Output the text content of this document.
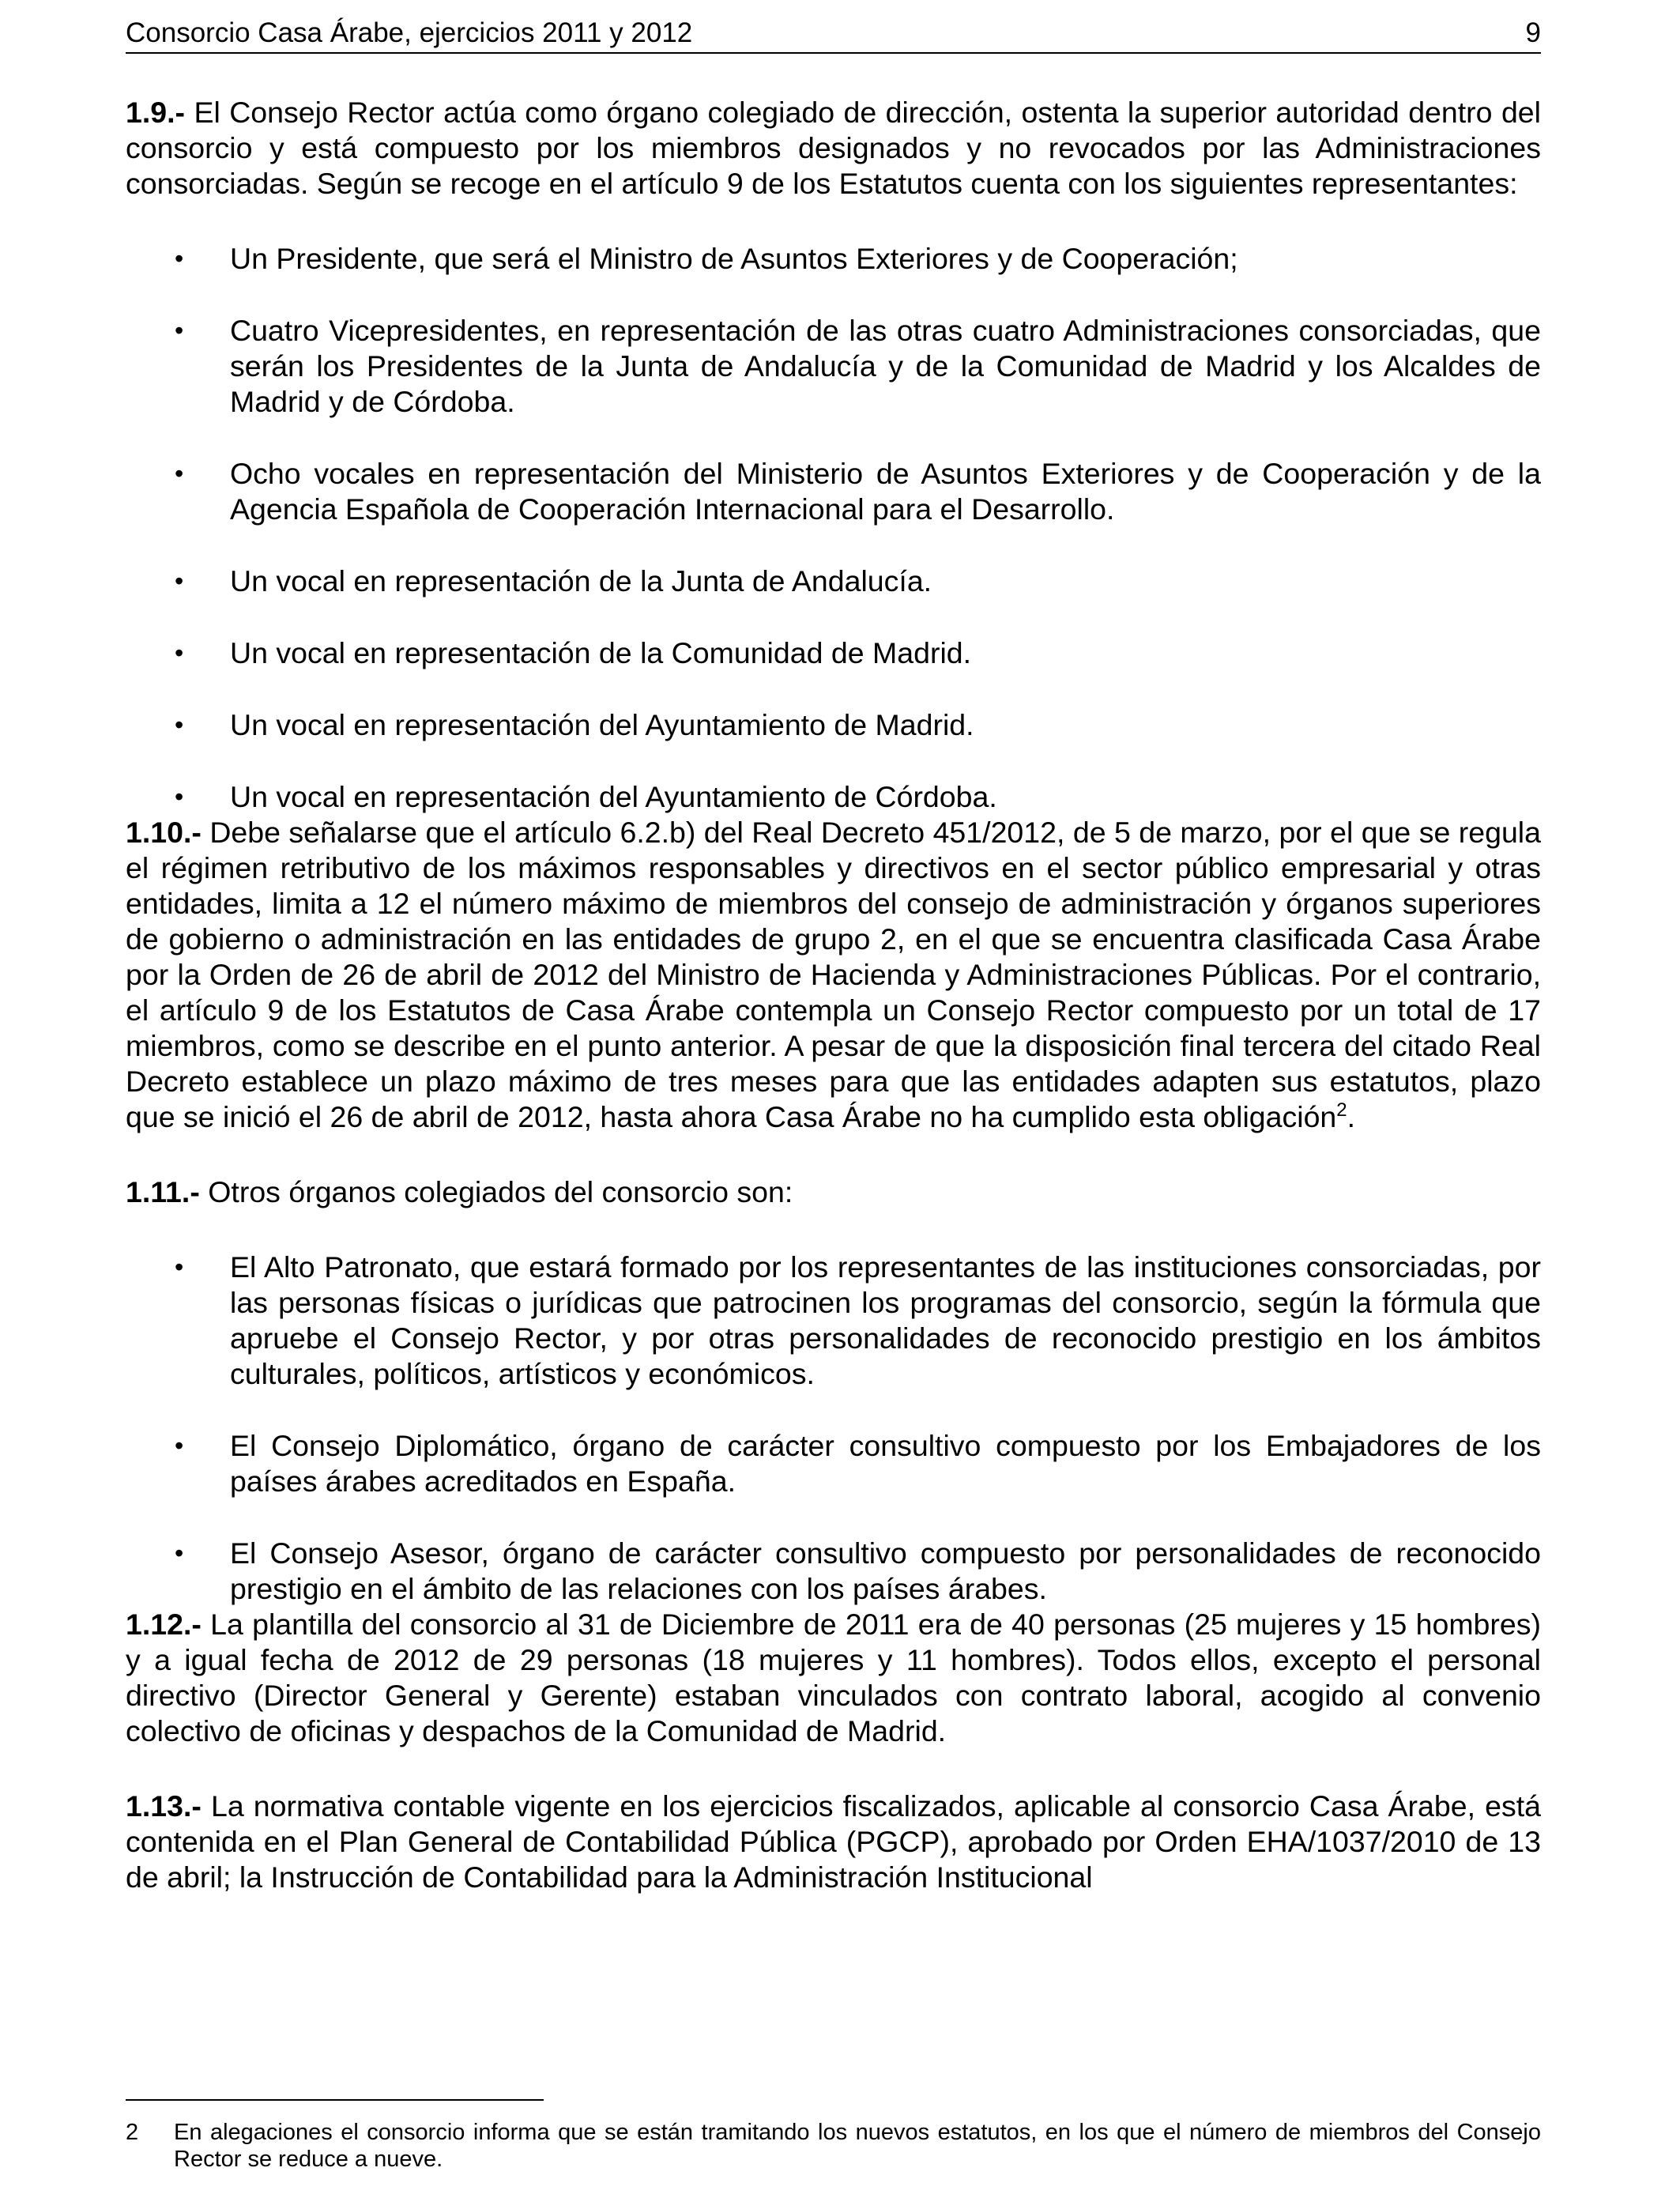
Consorcio Casa Árabe, ejercicios 2011 y 2012	9

1.9.- El Consejo Rector actúa como órgano colegiado de dirección, ostenta la superior autoridad dentro del consorcio y está compuesto por los miembros designados y no revocados por las Administraciones consorciadas. Según se recoge en el artículo 9 de los Estatutos cuenta con los siguientes representantes:

• Un Presidente, que será el Ministro de Asuntos Exteriores y de Cooperación;
• Cuatro Vicepresidentes, en representación de las otras cuatro Administraciones consorciadas, que serán los Presidentes de la Junta de Andalucía y de la Comunidad de Madrid y los Alcaldes de Madrid y de Córdoba.
• Ocho vocales en representación del Ministerio de Asuntos Exteriores y de Cooperación y de la Agencia Española de Cooperación Internacional para el Desarrollo.
• Un vocal en representación de la Junta de Andalucía.
• Un vocal en representación de la Comunidad de Madrid.
• Un vocal en representación del Ayuntamiento de Madrid.
• Un vocal en representación del Ayuntamiento de Córdoba.

1.10.- Debe señalarse que el artículo 6.2.b) del Real Decreto 451/2012, de 5 de marzo, por el que se regula el régimen retributivo de los máximos responsables y directivos en el sector público empresarial y otras entidades, limita a 12 el número máximo de miembros del consejo de administración y órganos superiores de gobierno o administración en las entidades de grupo 2, en el que se encuentra clasificada Casa Árabe por la Orden de 26 de abril de 2012 del Ministro de Hacienda y Administraciones Públicas. Por el contrario, el artículo 9 de los Estatutos de Casa Árabe contempla un Consejo Rector compuesto por un total de 17 miembros, como se describe en el punto anterior. A pesar de que la disposición final tercera del citado Real Decreto establece un plazo máximo de tres meses para que las entidades adapten sus estatutos, plazo que se inició el 26 de abril de 2012, hasta ahora Casa Árabe no ha cumplido esta obligación$^2$.

1.11.- Otros órganos colegiados del consorcio son:

• El Alto Patronato, que estará formado por los representantes de las instituciones consorciadas, por las personas físicas o jurídicas que patrocinen los programas del consorcio, según la fórmula que apruebe el Consejo Rector, y por otras personalidades de reconocido prestigio en los ámbitos culturales, políticos, artísticos y económicos.
• El Consejo Diplomático, órgano de carácter consultivo compuesto por los Embajadores de los países árabes acreditados en España.
• El Consejo Asesor, órgano de carácter consultivo compuesto por personalidades de reconocido prestigio en el ámbito de las relaciones con los países árabes.

1.12.- La plantilla del consorcio al 31 de Diciembre de 2011 era de 40 personas (25 mujeres y 15 hombres) y a igual fecha de 2012 de 29 personas (18 mujeres y 11 hombres). Todos ellos, excepto el personal directivo (Director General y Gerente) estaban vinculados con contrato laboral, acogido al convenio colectivo de oficinas y despachos de la Comunidad de Madrid.

1.13.- La normativa contable vigente en los ejercicios fiscalizados, aplicable al consorcio Casa Árabe, está contenida en el Plan General de Contabilidad Pública (PGCP), aprobado por Orden EHA/1037/2010 de 13 de abril; la Instrucción de Contabilidad para la Administración Institucional

2 En alegaciones el consorcio informa que se están tramitando los nuevos estatutos, en los que el número de miembros del Consejo Rector se reduce a nueve.
